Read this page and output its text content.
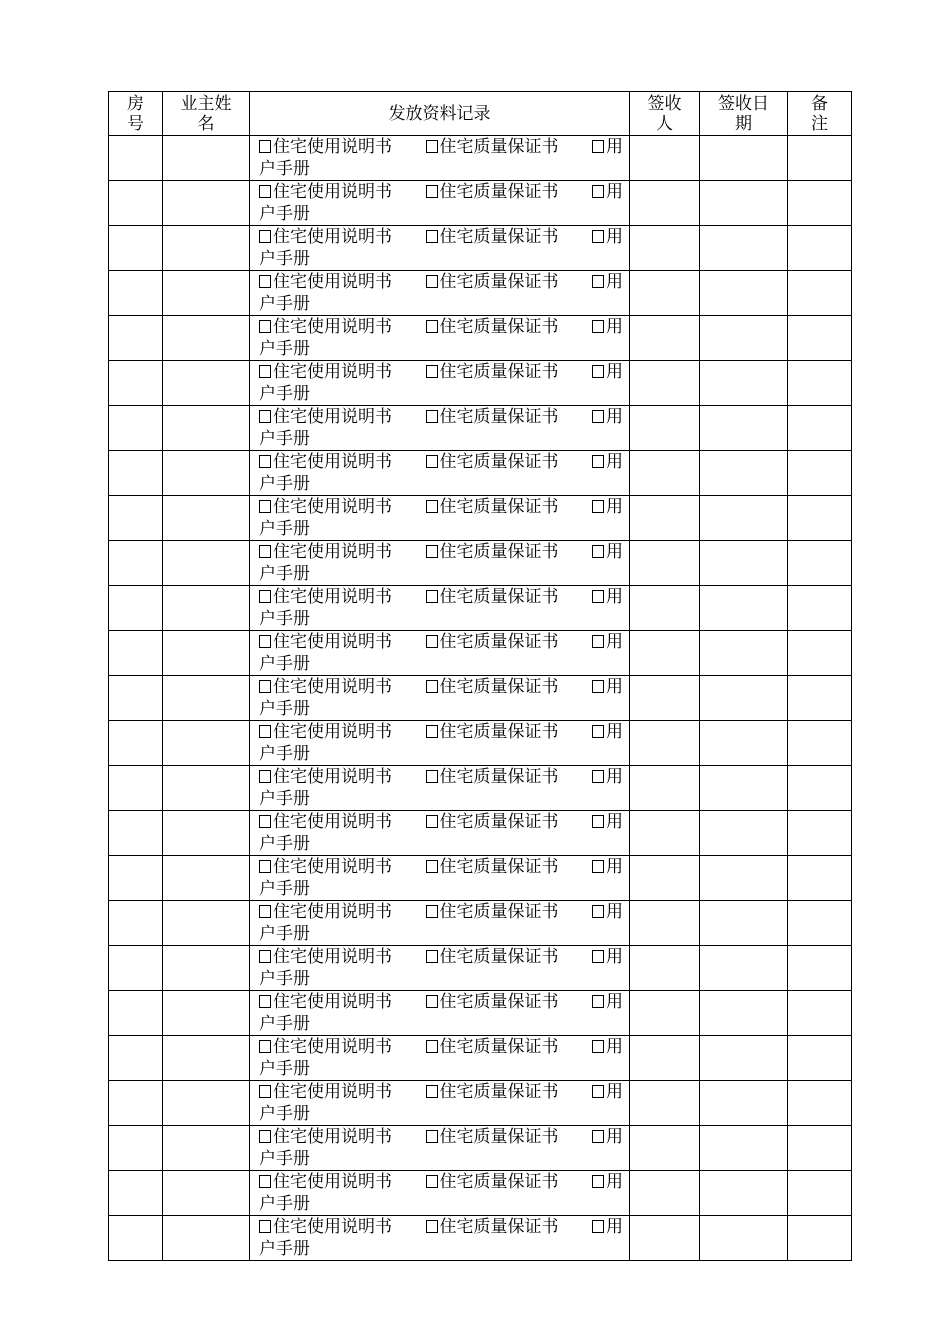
房号	业主姓名	发放资料记录	签收人	签收日期	备注

		住宅使用说明书 住宅质量保证书 用
户手册			

		住宅使用说明书 住宅质量保证书 用
户手册			

		住宅使用说明书 住宅质量保证书 用
户手册			

		住宅使用说明书 住宅质量保证书 用
户手册			

		住宅使用说明书 住宅质量保证书 用
户手册			

		住宅使用说明书 住宅质量保证书 用
户手册			

		住宅使用说明书 住宅质量保证书 用
户手册			

		住宅使用说明书 住宅质量保证书 用
户手册			

		住宅使用说明书 住宅质量保证书 用
户手册			

		住宅使用说明书 住宅质量保证书 用
户手册			

		住宅使用说明书 住宅质量保证书 用
户手册			

		住宅使用说明书 住宅质量保证书 用
户手册			

		住宅使用说明书 住宅质量保证书 用
户手册			

		住宅使用说明书 住宅质量保证书 用
户手册			

		住宅使用说明书 住宅质量保证书 用
户手册			

		住宅使用说明书 住宅质量保证书 用
户手册			

		住宅使用说明书 住宅质量保证书 用
户手册			

		住宅使用说明书 住宅质量保证书 用
户手册			

		住宅使用说明书 住宅质量保证书 用
户手册			

		住宅使用说明书 住宅质量保证书 用
户手册			

		住宅使用说明书 住宅质量保证书 用
户手册			

		住宅使用说明书 住宅质量保证书 用
户手册			

		住宅使用说明书 住宅质量保证书 用
户手册			

		住宅使用说明书 住宅质量保证书 用
户手册			

		住宅使用说明书 住宅质量保证书 用
户手册			
